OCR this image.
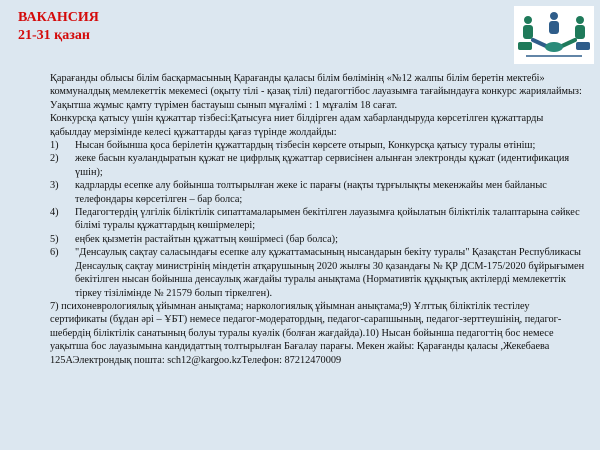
ВАКАНСИЯ
21-31 қазан

Қарағанды облысы білім басқармасының Қарағанды қаласы білім бөлімінің «№12 жалпы білім беретін мектебі» коммуналдық мемлекеттік мекемесі (оқыту тілі - қазақ тілі) педагогтібос лауазымға тағайындауға конкурс жариялаймыз:

Уақытша жұмыс қамту түрімен бастауыш сынып мұғалімі : 1 мұғалім 18 сағат.

Конкурсқа қатысу үшін құжаттар тізбесі:Қатысуға ниет білдірген адам хабарландыруда көрсетілген құжаттарды қабылдау мерзімінде келесі құжаттарды қағаз түрінде жолдайды:

1)	Нысан бойынша қоса берілетін құжаттардың тізбесін көрсете отырып, Конкурсқа қатысу туралы өтініш;
2)	жеке басын куәландыратын құжат не цифрлық құжаттар сервисінен алынған электронды құжат (идентификация үшін);
3)	кадрларды есепке алу бойынша толтырылған жеке іс парағы (нақты тұрғылықты мекенжайы мен байланыс телефондары көрсетілген – бар болса;
4)	Педагогтердің үлгілік біліктілік сипаттамаларымен бекітілген лауазымға қойылатын біліктілік талаптарына сәйкес білімі туралы құжаттардың көшірмелері;
5)	еңбек қызметін растайтын құжаттың көшірмесі (бар болса);
6)	"Денсаулық сақтау саласындағы есепке алу құжаттамасының нысандарын бекіту туралы" Қазақстан Республикасы Денсаулық сақтау министрінің міндетін атқарушының 2020 жылғы 30 қазандағы № ҚР ДСМ-175/2020 бұйрығымен бекітілген нысан бойынша денсаулық жағдайы туралы анықтама (Нормативтік құқықтық актілерді мемлекеттік тіркеу тізілімінде № 21579 болып тіркелген).

7) психоневрологиялық ұйымнан анықтама; наркологиялық ұйымнан анықтама;9) Ұлттық біліктілік тестілеу сертификаты (бұдан әрі – ҰБТ) немесе педагог-модератордың, педагог-сарапшының, педагог-зерттеушінің, педагог-шебердің біліктілік санатының болуы туралы куәлік (болған жағдайда).10) Нысан бойынша педагогтің бос немесе уақытша бос лауазымына кандидаттың толтырылған Бағалау парағы. Мекен жайы: Қарағанды қаласы ,Жекебаева 125АЭлектрондық пошта: sch12@kargoo.kzТелефон: 87212470009
